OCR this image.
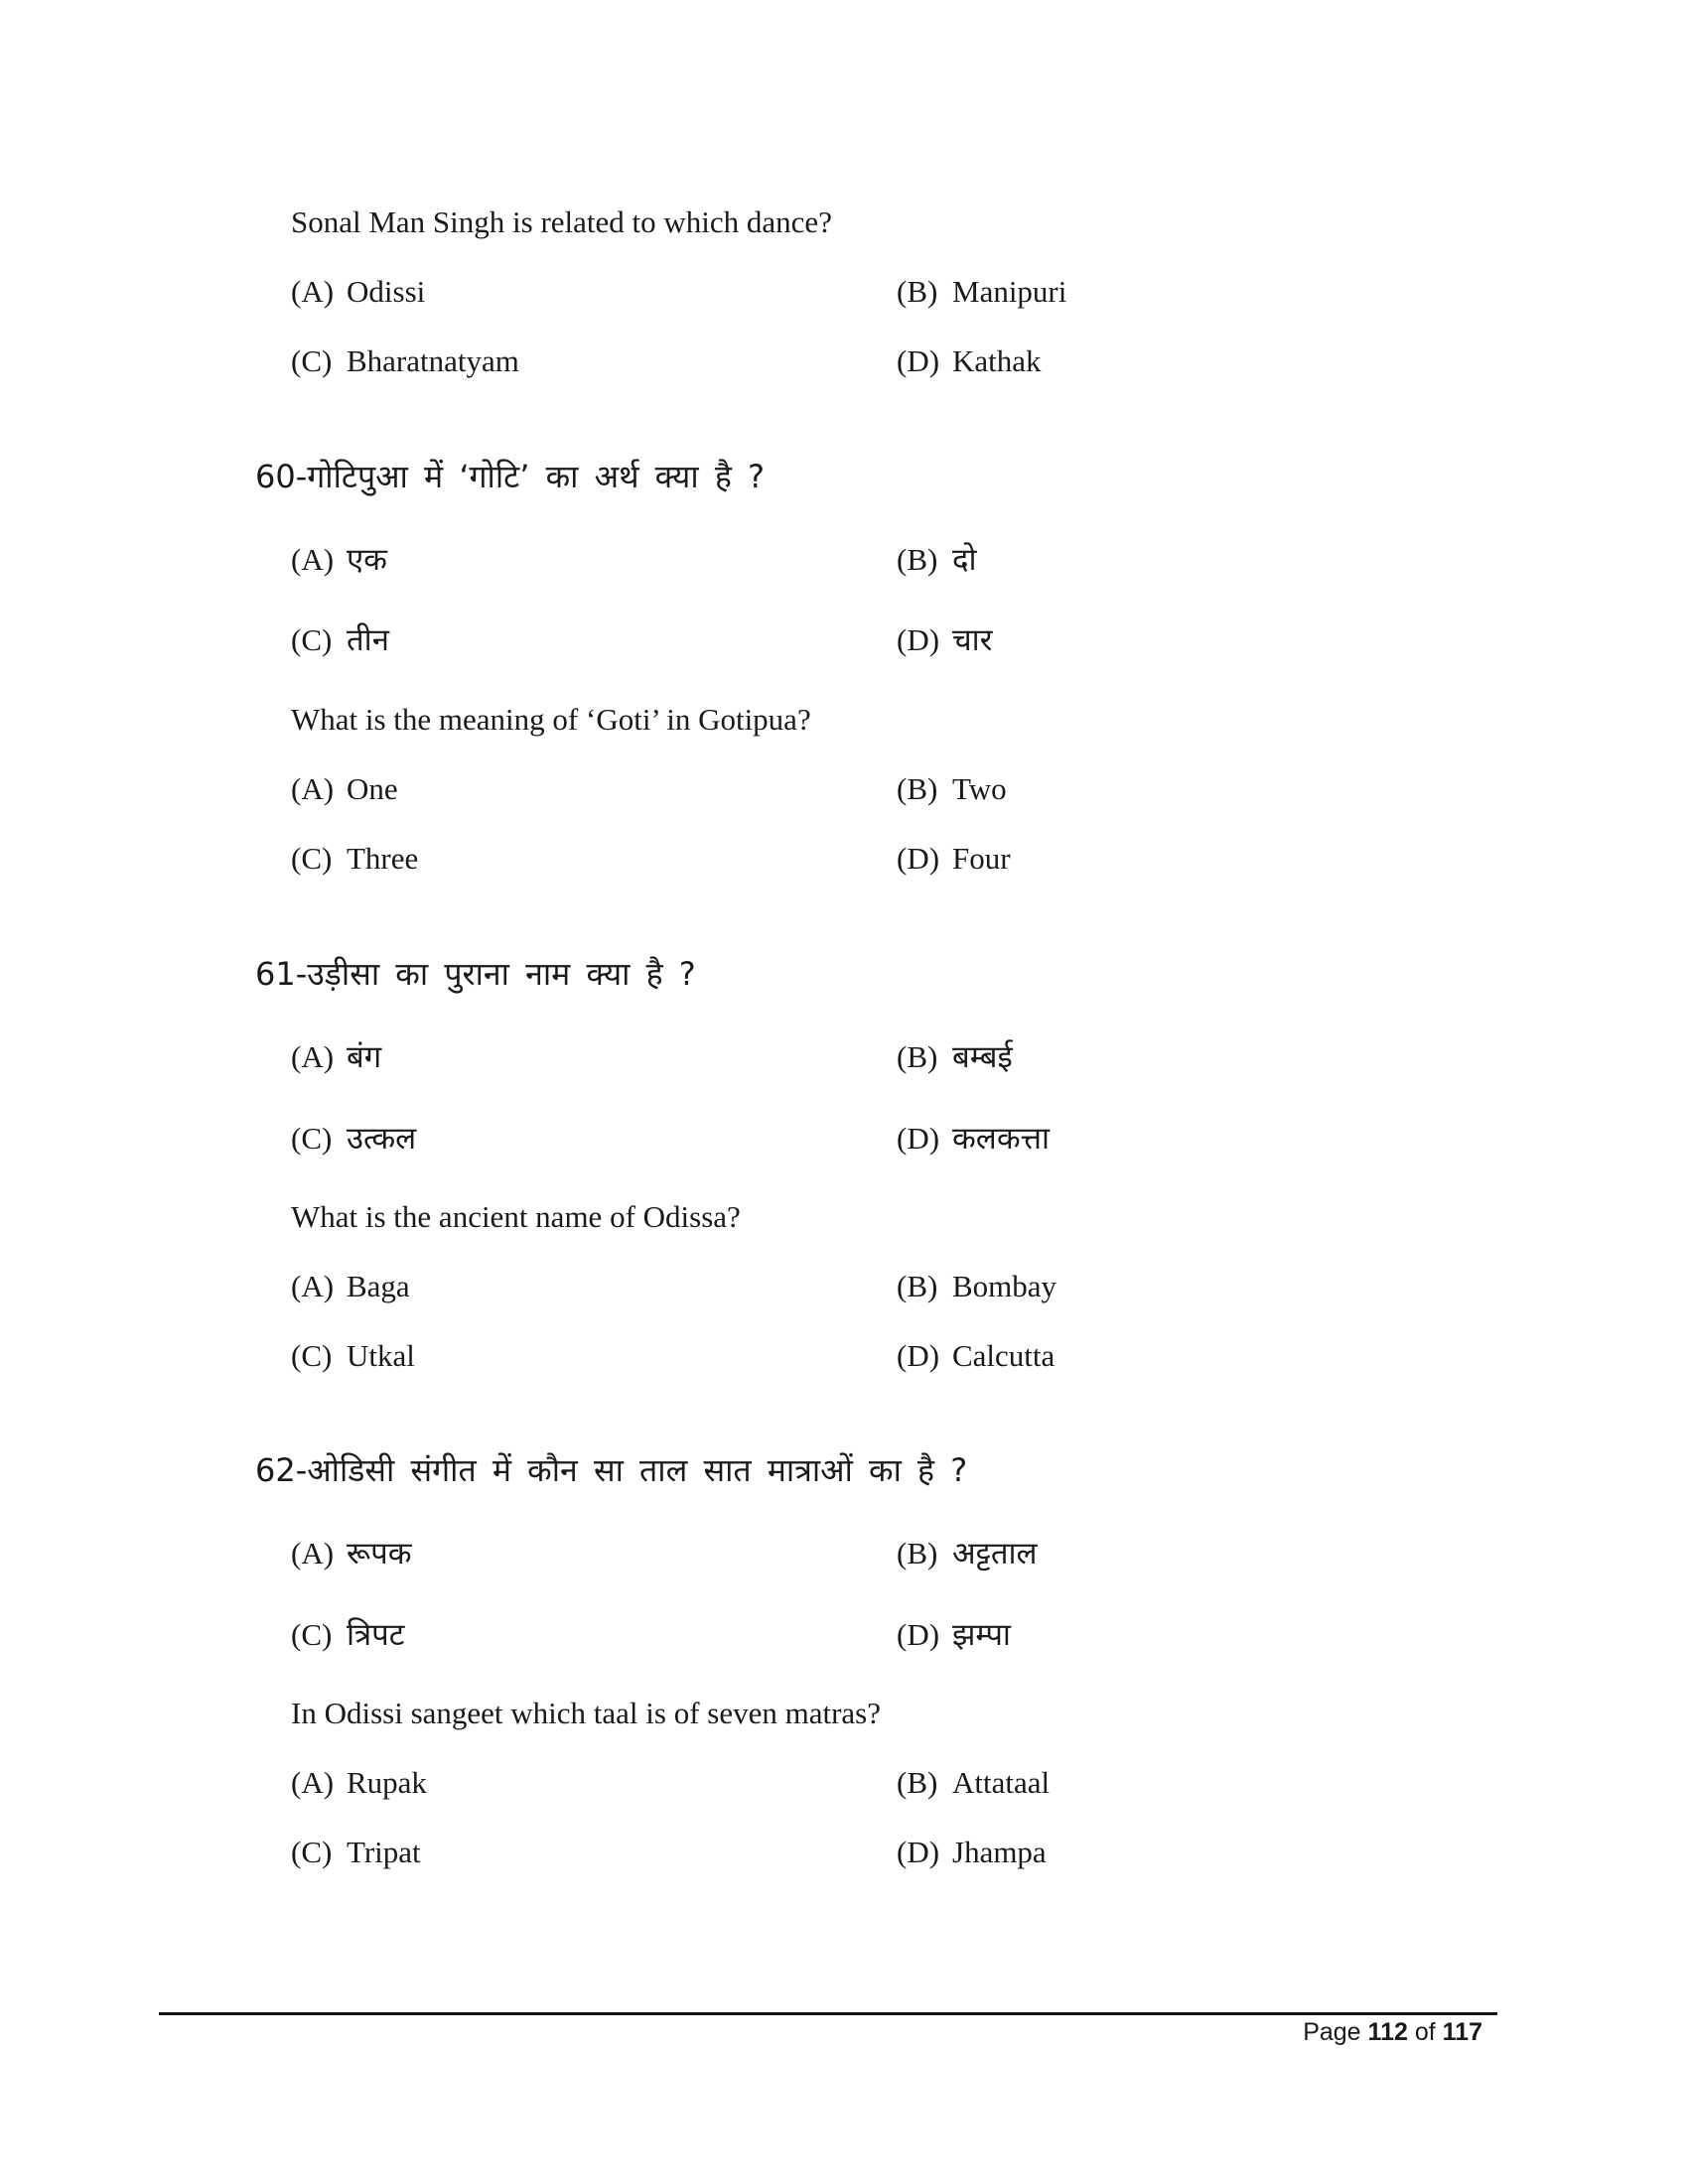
Sonal Man Singh is related to which dance?
(A) Odissi	(B) Manipuri
(C) Bharatnatyam	(D) Kathak
60-गोटिपुआ में ‘गोटि’ का अर्थ क्या है ?
(A) एक	(B) दो
(C) तीन	(D) चार
What is the meaning of ‘Goti’ in Gotipua?
(A) One	(B) Two
(C) Three	(D) Four
61-उड़ीसा का पुराना नाम क्या है ?
(A) बंग	(B) बम्बई
(C) उत्कल	(D) कलकत्ता
What is the ancient name of Odissa?
(A) Baga	(B) Bombay
(C) Utkal	(D) Calcutta
62-ओडिसी संगीत में कौन सा ताल सात मात्राओं का है ?
(A) रूपक	(B) अट्टताल
(C) त्रिपट	(D) झम्पा
In Odissi sangeet which taal is of seven matras?
(A) Rupak	(B) Attataal
(C) Tripat	(D) Jhampa
Page 112 of 117
